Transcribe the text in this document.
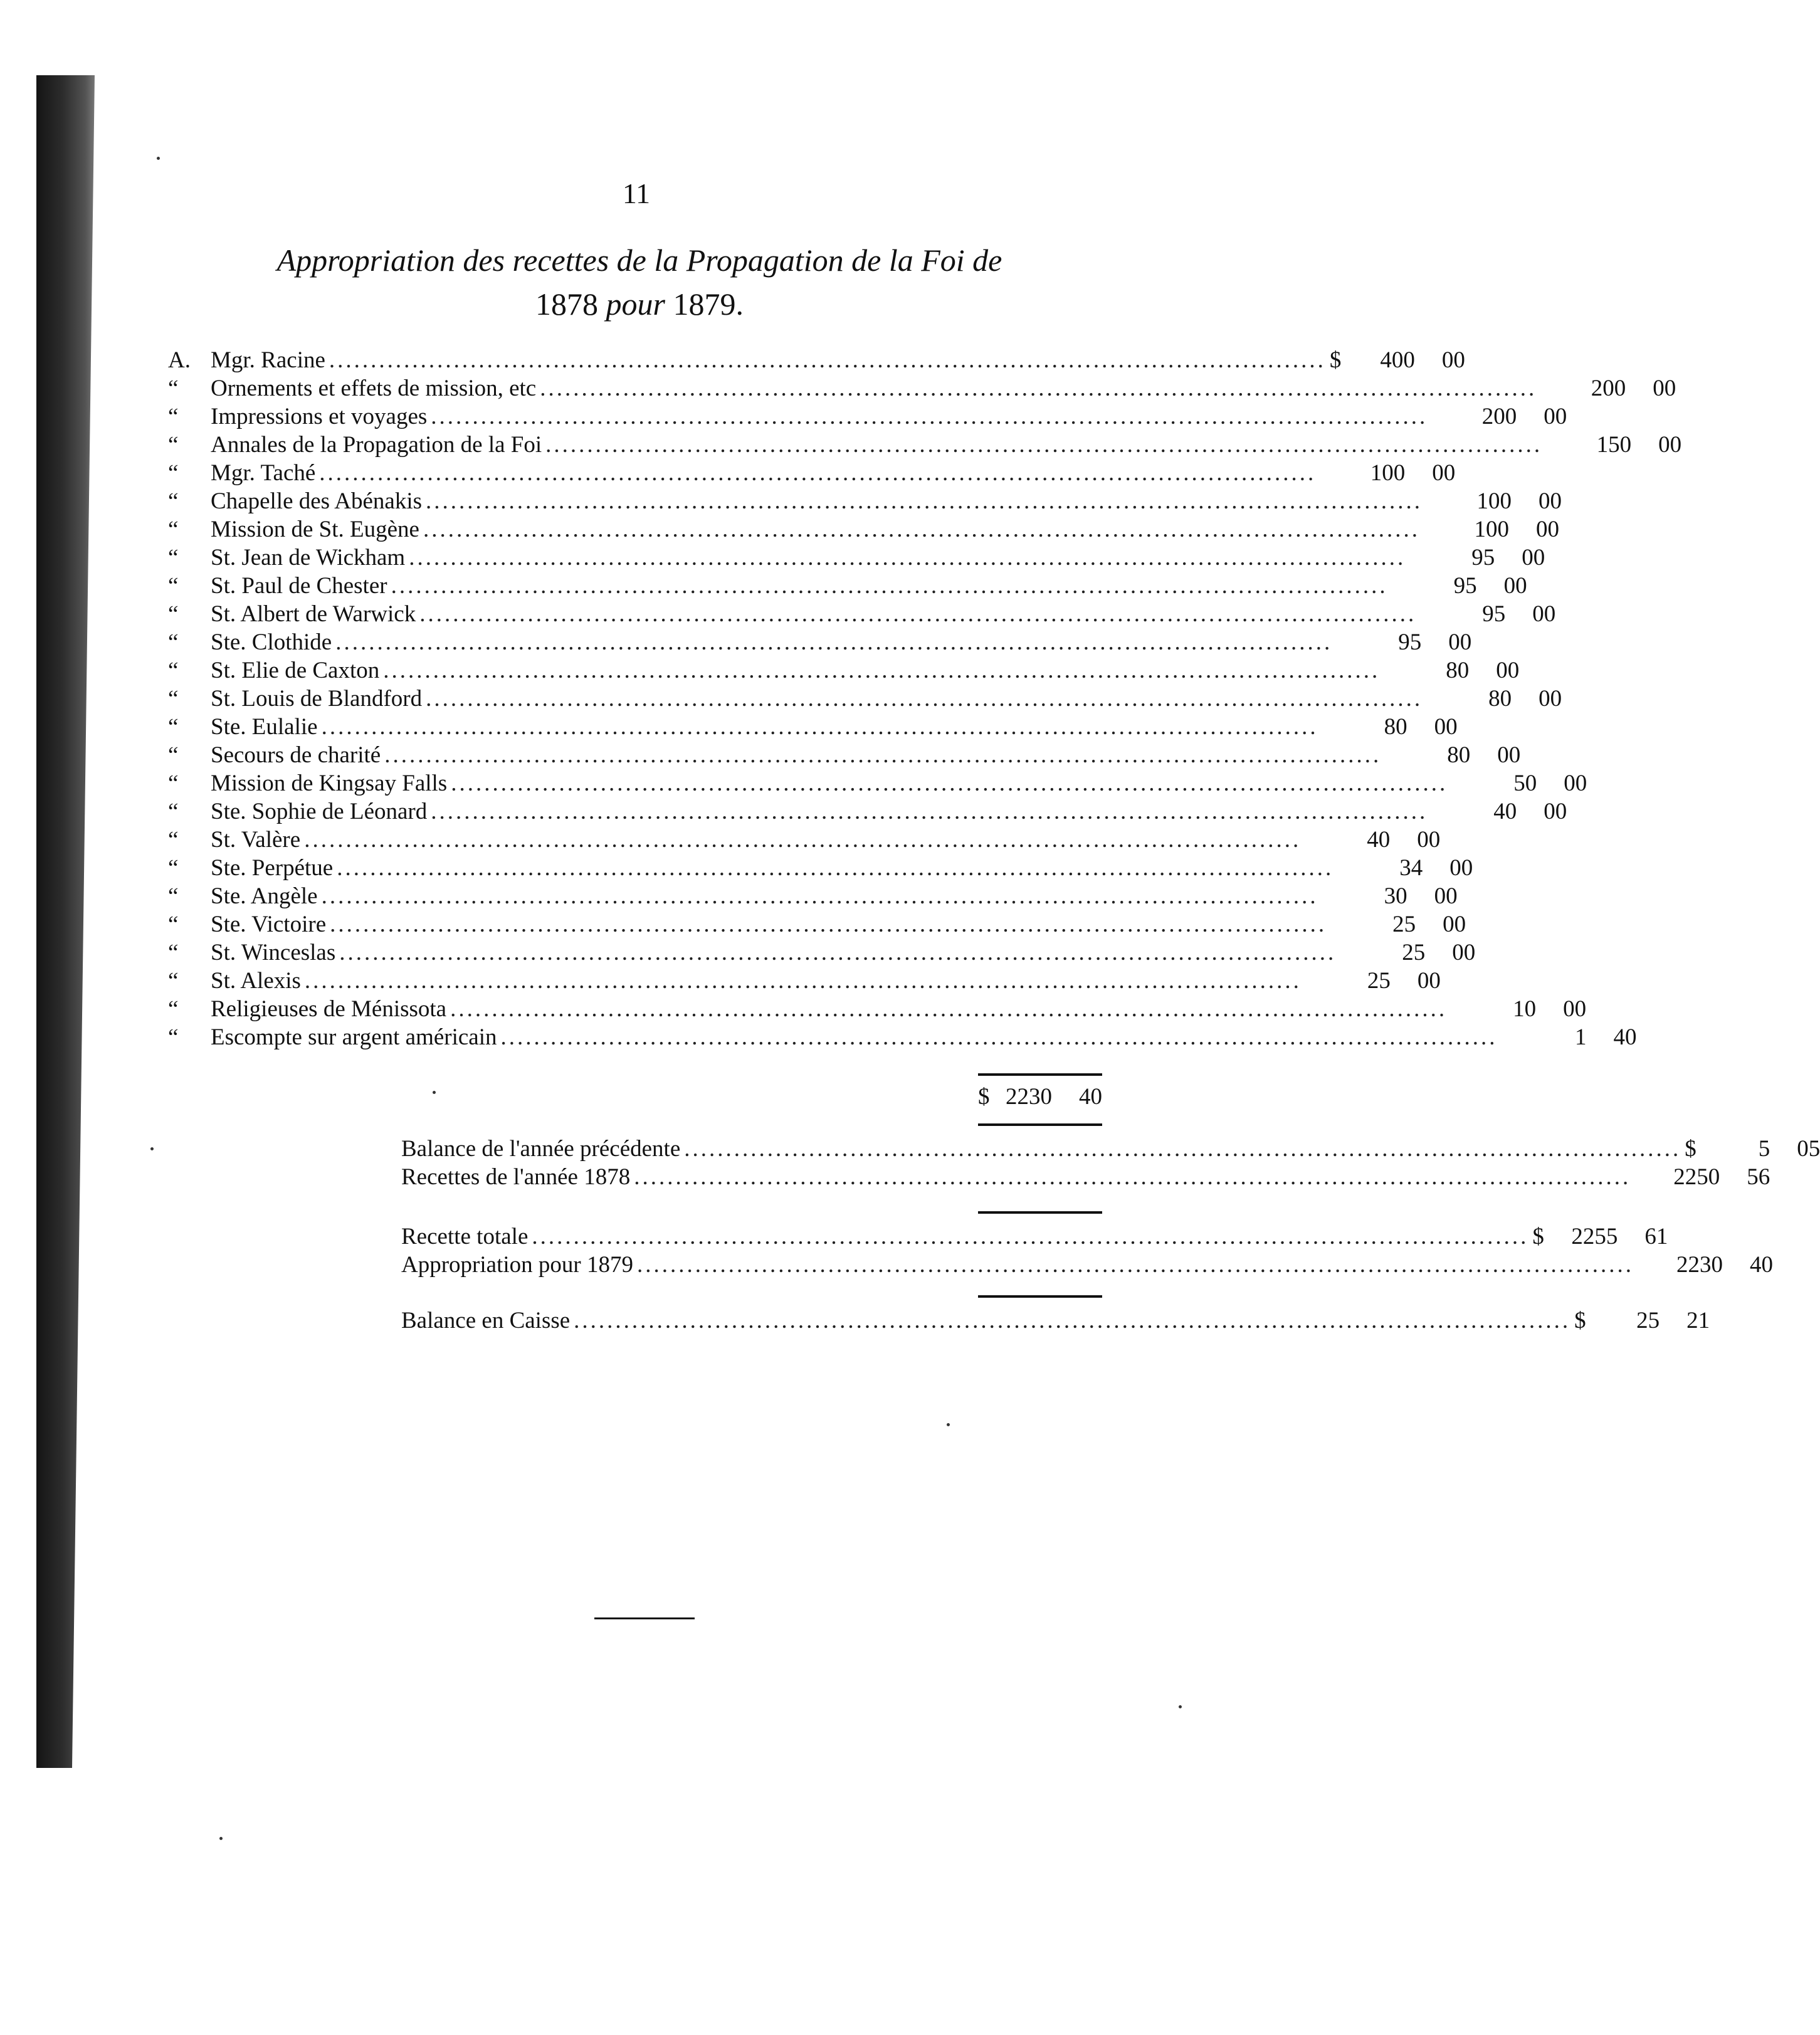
11
Appropriation des recettes de la Propagation de la Foi de
1878 pour 1879.
A. Mgr. Racine ........................................................................................................................ $	400	00
“	Ornements et effets de mission, etc ........................................................................................................................	200	00
“	Impressions et voyages ........................................................................................................................	200	00
“	Annales de la Propagation de la Foi ........................................................................................................................	150	00
“	Mgr. Taché ........................................................................................................................	100	00
“	Chapelle des Abénakis ........................................................................................................................	100	00
“	Mission de St. Eugène ........................................................................................................................	100	00
“	St. Jean de Wickham ........................................................................................................................	95	00
“	St. Paul de Chester ........................................................................................................................	95	00
“	St. Albert de Warwick ........................................................................................................................	95	00
“	Ste. Clothide ........................................................................................................................	95	00
“	St. Elie de Caxton ........................................................................................................................	80	00
“	St. Louis de Blandford ........................................................................................................................	80	00
“	Ste. Eulalie ........................................................................................................................	80	00
“	Secours de charité ........................................................................................................................	80	00
“	Mission de Kingsay Falls ........................................................................................................................	50	00
“	Ste. Sophie de Léonard ........................................................................................................................	40	00
“	St. Valère ........................................................................................................................	40	00
“	Ste. Perpétue ........................................................................................................................	34	00
“	Ste. Angèle ........................................................................................................................	30	00
“	Ste. Victoire ........................................................................................................................	25	00
“	St. Winceslas ........................................................................................................................	25	00
“	St. Alexis ........................................................................................................................	25	00
“	Religieuses de Ménissota ........................................................................................................................	10	00
“	Escompte sur argent américain ........................................................................................................................	1	40
$ 2230	40
Balance de l'année précédente ........................................................................................................................ $	5	05
Recettes de l'année 1878 ........................................................................................................................	2250	56
Recette totale ........................................................................................................................ $	2255	61
Appropriation pour 1879 ........................................................................................................................	2230	40
Balance en Caisse ........................................................................................................................ $	25	21
